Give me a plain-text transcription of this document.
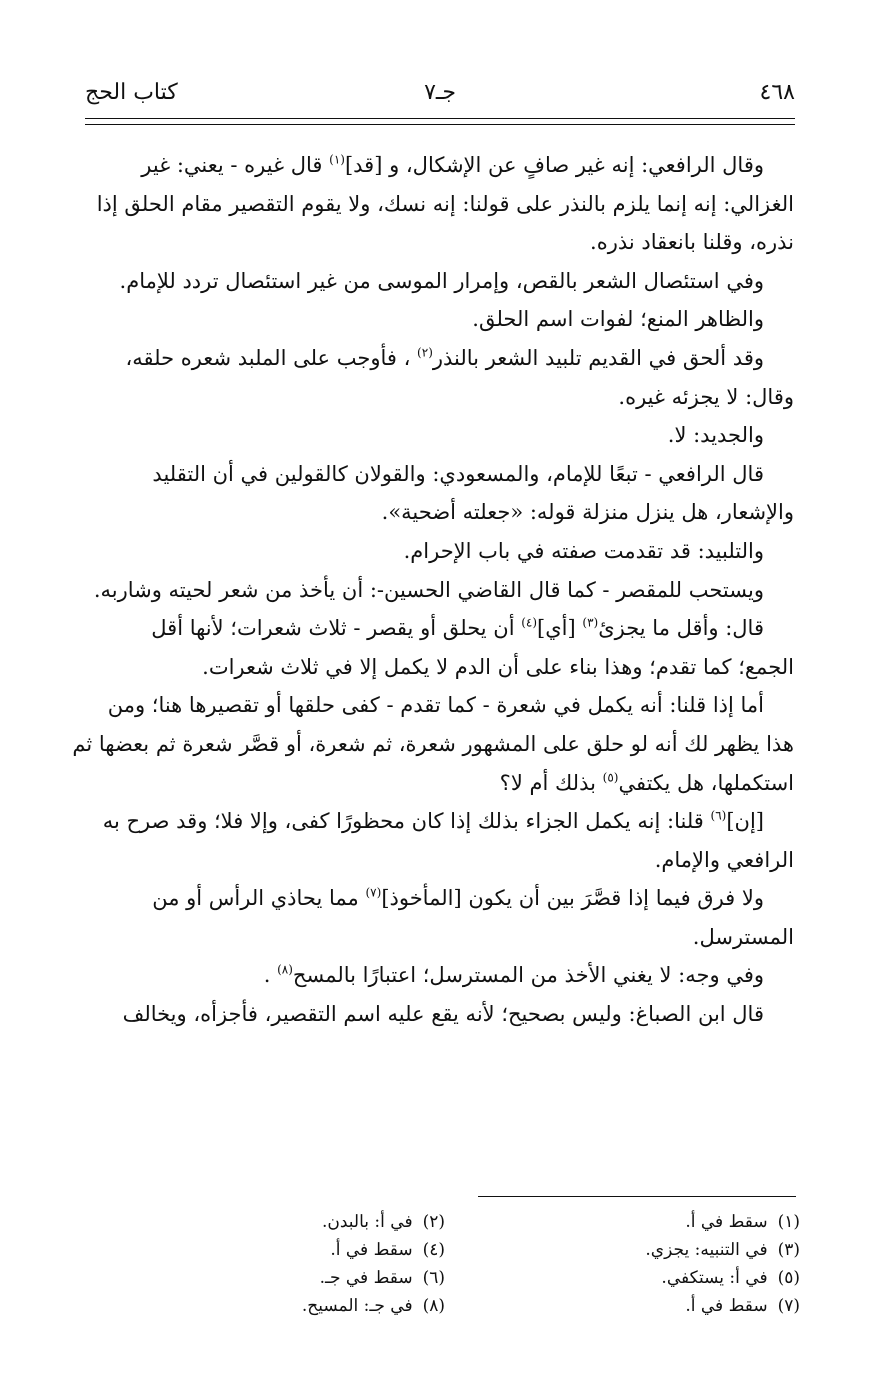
٤٦٨
جـ٧
كتاب الحج

وقال الرافعي: إنه غير صافٍ عن الإشكال، و [قد]$^{(١)}$ قال غيره - يعني: غير

الغزالي: إنه إنما يلزم بالنذر على قولنا: إنه نسك، ولا يقوم التقصير مقام الحلق إذا

نذره، وقلنا بانعقاد نذره.

وفي استئصال الشعر بالقص، وإمرار الموسى من غير استئصال تردد للإمام.

والظاهر المنع؛ لفوات اسم الحلق.

وقد ألحق في القديم تلبيد الشعر بالنذر$^{(٢)}$ ، فأوجب على الملبد شعره حلقه،

وقال: لا يجزئه غيره.

والجديد: لا.

قال الرافعي - تبعًا للإمام، والمسعودي: والقولان كالقولين في أن التقليد

والإشعار، هل ينزل منزلة قوله: «جعلته أضحية».

والتلبيد: قد تقدمت صفته في باب الإحرام.

ويستحب للمقصر - كما قال القاضي الحسين-: أن يأخذ من شعر لحيته وشاربه.

قال: وأقل ما يجزئ$^{(٣)}$ [أي]$^{(٤)}$ أن يحلق أو يقصر - ثلاث شعرات؛ لأنها أقل

الجمع؛ كما تقدم؛ وهذا بناء على أن الدم لا يكمل إلا في ثلاث شعرات.

أما إذا قلنا: أنه يكمل في شعرة - كما تقدم - كفى حلقها أو تقصيرها هنا؛ ومن

هذا يظهر لك أنه لو حلق على المشهور شعرة، ثم شعرة، أو قصَّر شعرة ثم بعضها ثم

استكملها، هل يكتفي$^{(٥)}$ بذلك أم لا؟

[إن]$^{(٦)}$ قلنا: إنه يكمل الجزاء بذلك إذا كان محظورًا كفى، وإلا فلا؛ وقد صرح به

الرافعي والإمام.

ولا فرق فيما إذا قصَّرَ بين أن يكون [المأخوذ]$^{(٧)}$ مما يحاذي الرأس أو من

المسترسل.

وفي وجه: لا يغني الأخذ من المسترسل؛ اعتبارًا بالمسح$^{(٨)}$ .

قال ابن الصباغ: وليس بصحيح؛ لأنه يقع عليه اسم التقصير، فأجزأه، ويخالف

(١)سقط في أ.
(٢)في أ: بالبدن.
(٣)في التنبيه: يجزي.
(٤)سقط في أ.
(٥)في أ: يستكفي.
(٦)سقط في جـ.
(٧)سقط في أ.
(٨)في جـ: المسيح.
